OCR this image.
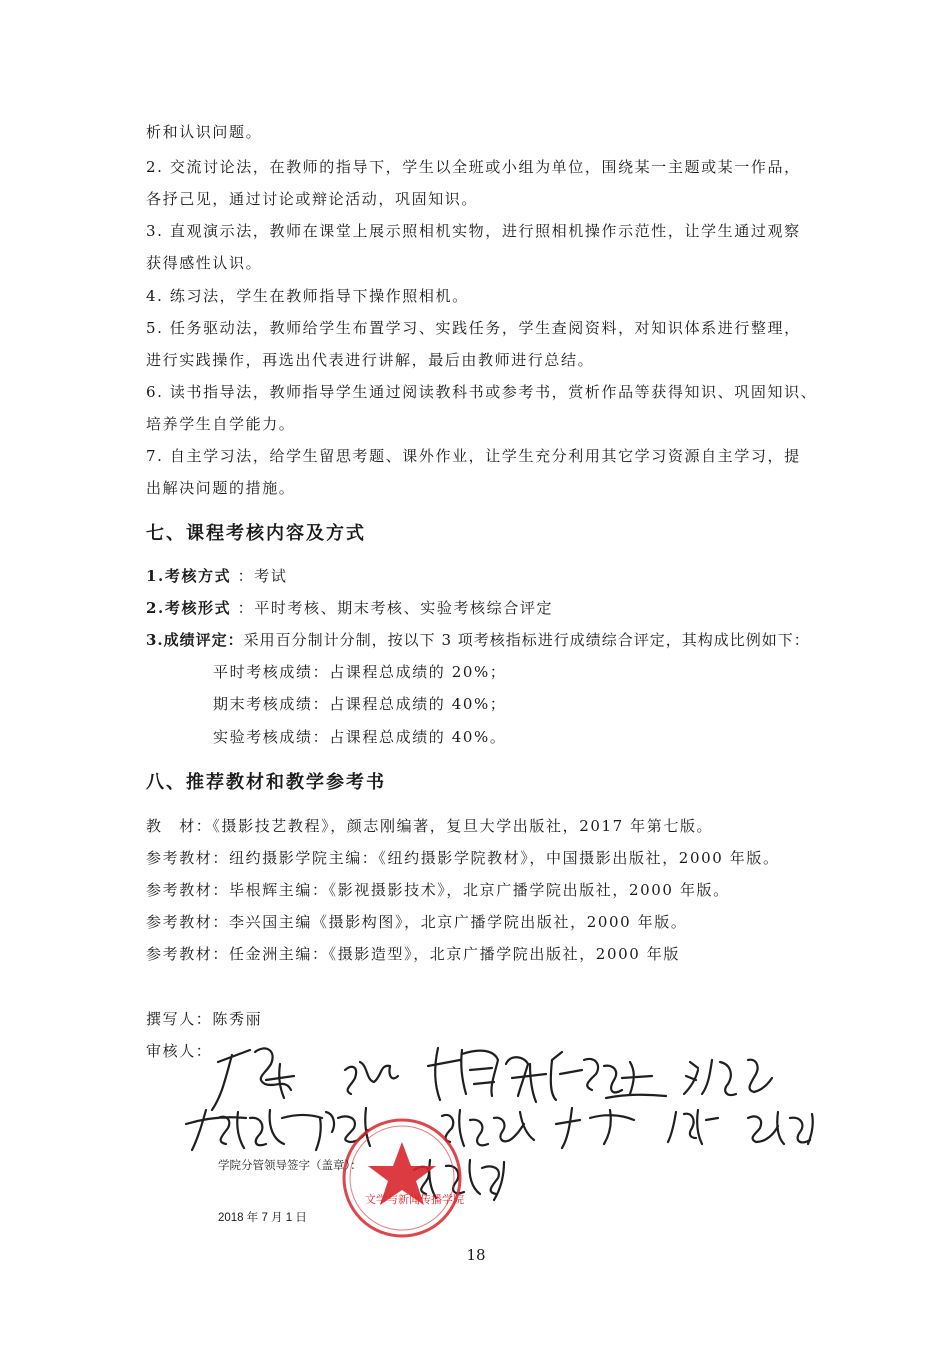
析和认识问题。
2. 交流讨论法，在教师的指导下，学生以全班或小组为单位，围绕某一主题或某一作品，
各抒己见，通过讨论或辩论活动，巩固知识。
3. 直观演示法，教师在课堂上展示照相机实物，进行照相机操作示范性，让学生通过观察
获得感性认识。
4. 练习法，学生在教师指导下操作照相机。
5. 任务驱动法，教师给学生布置学习、实践任务，学生查阅资料，对知识体系进行整理，
进行实践操作，再选出代表进行讲解，最后由教师进行总结。
6. 读书指导法，教师指导学生通过阅读教科书或参考书，赏析作品等获得知识、巩固知识、
培养学生自学能力。
7. 自主学习法，给学生留思考题、课外作业，让学生充分利用其它学习资源自主学习，提
出解决问题的措施。
七、课程考核内容及方式
1.考核方式 ：考试
2.考核形式 ：平时考核、期末考核、实验考核综合评定
3.成绩评定：采用百分制计分制，按以下 3 项考核指标进行成绩综合评定，其构成比例如下：
平时考核成绩：占课程总成绩的 20%；
期末考核成绩：占课程总成绩的 40%；
实验考核成绩：占课程总成绩的 40%。
八、推荐教材和教学参考书
教　材：《摄影技艺教程》，颜志刚编著，复旦大学出版社，2017 年第七版。
参考教材：纽约摄影学院主编：《纽约摄影学院教材》，中国摄影出版社，2000 年版。
参考教材：毕根辉主编：《影视摄影技术》，北京广播学院出版社，2000 年版。
参考教材：李兴国主编《摄影构图》，北京广播学院出版社，2000 年版。
参考教材：任金洲主编：《摄影造型》，北京广播学院出版社，2000 年版
撰写人：陈秀丽
审核人：
学院分管领导签字（盖章）：
文学与新闻传播学院
2018 年 7 月 1 日
18
